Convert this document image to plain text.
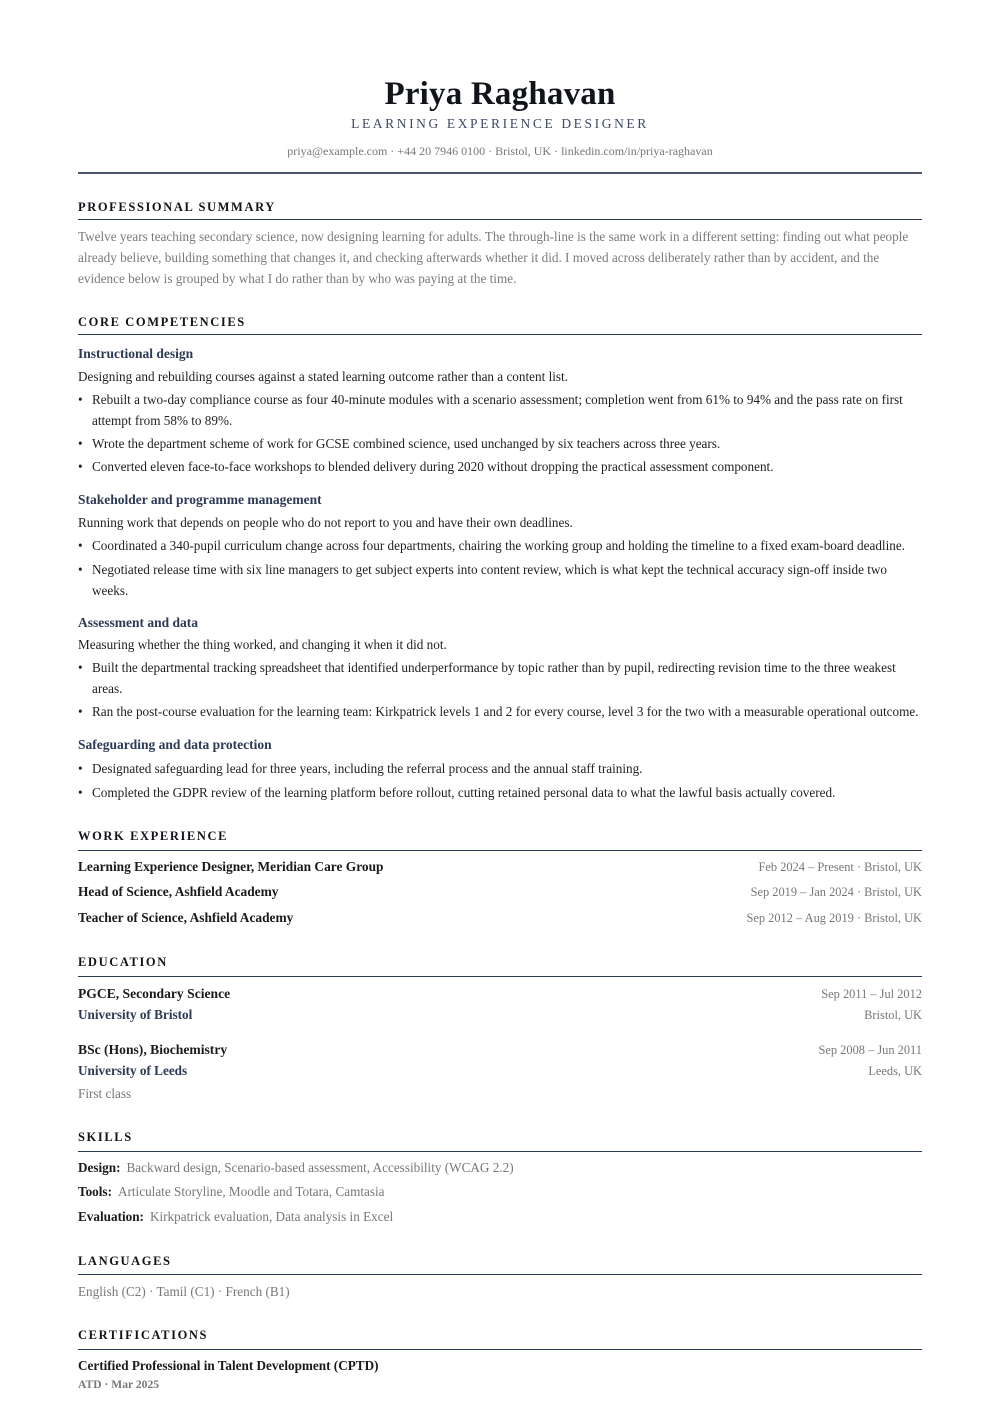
Priya Raghavan
LEARNING EXPERIENCE DESIGNER
priya@example.com · +44 20 7946 0100 · Bristol, UK · linkedin.com/in/priya-raghavan
PROFESSIONAL SUMMARY
Twelve years teaching secondary science, now designing learning for adults. The through-line is the same work in a different setting: finding out what people already believe, building something that changes it, and checking afterwards whether it did. I moved across deliberately rather than by accident, and the evidence below is grouped by what I do rather than by who was paying at the time.
CORE COMPETENCIES
Instructional design
Designing and rebuilding courses against a stated learning outcome rather than a content list.
• Rebuilt a two-day compliance course as four 40-minute modules with a scenario assessment; completion went from 61% to 94% and the pass rate on first attempt from 58% to 89%.
• Wrote the department scheme of work for GCSE combined science, used unchanged by six teachers across three years.
• Converted eleven face-to-face workshops to blended delivery during 2020 without dropping the practical assessment component.
Stakeholder and programme management
Running work that depends on people who do not report to you and have their own deadlines.
• Coordinated a 340-pupil curriculum change across four departments, chairing the working group and holding the timeline to a fixed exam-board deadline.
• Negotiated release time with six line managers to get subject experts into content review, which is what kept the technical accuracy sign-off inside two weeks.
Assessment and data
Measuring whether the thing worked, and changing it when it did not.
• Built the departmental tracking spreadsheet that identified underperformance by topic rather than by pupil, redirecting revision time to the three weakest areas.
• Ran the post-course evaluation for the learning team: Kirkpatrick levels 1 and 2 for every course, level 3 for the two with a measurable operational outcome.
Safeguarding and data protection
• Designated safeguarding lead for three years, including the referral process and the annual staff training.
• Completed the GDPR review of the learning platform before rollout, cutting retained personal data to what the lawful basis actually covered.
WORK EXPERIENCE
Learning Experience Designer, Meridian Care Group	Feb 2024 – Present · Bristol, UK
Head of Science, Ashfield Academy	Sep 2019 – Jan 2024 · Bristol, UK
Teacher of Science, Ashfield Academy	Sep 2012 – Aug 2019 · Bristol, UK
EDUCATION
PGCE, Secondary Science	Sep 2011 – Jul 2012
University of Bristol	Bristol, UK
BSc (Hons), Biochemistry	Sep 2008 – Jun 2011
University of Leeds	Leeds, UK
First class
SKILLS
Design: Backward design, Scenario-based assessment, Accessibility (WCAG 2.2)
Tools: Articulate Storyline, Moodle and Totara, Camtasia
Evaluation: Kirkpatrick evaluation, Data analysis in Excel
LANGUAGES
English (C2) · Tamil (C1) · French (B1)
CERTIFICATIONS
Certified Professional in Talent Development (CPTD)
ATD · Mar 2025
